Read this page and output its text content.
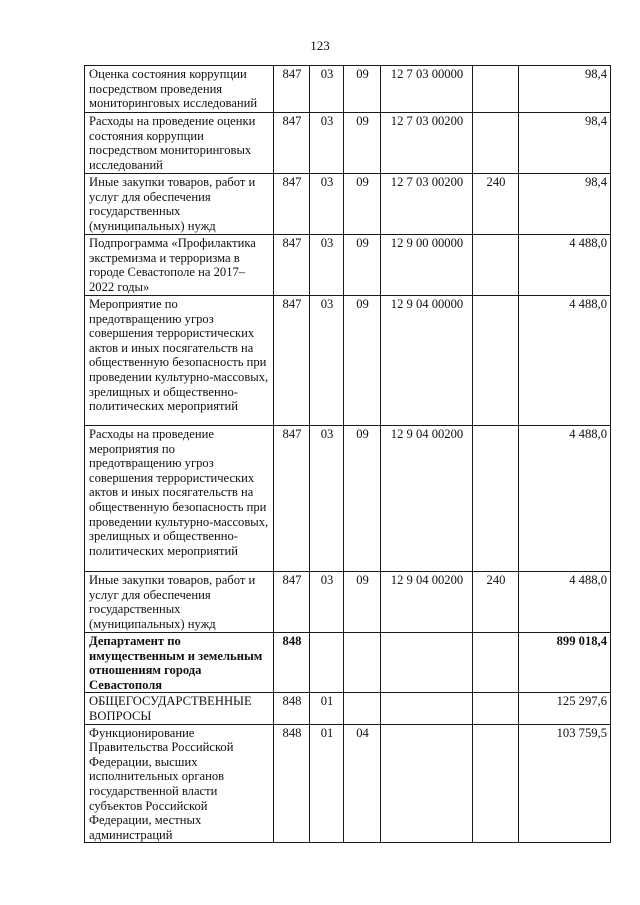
123
Оценка состояния коррупции посредством проведения мониторинговых исследований	847	03	09	12 7 03 00000		98,4
Расходы на проведение оценки состояния коррупции посредством мониторинговых исследований	847	03	09	12 7 03 00200		98,4
Иные закупки товаров, работ и услуг для обеспечения государственных (муниципальных) нужд	847	03	09	12 7 03 00200	240	98,4
Подпрограмма «Профилактика экстремизма и терроризма в городе Севастополе на 2017–2022 годы»	847	03	09	12 9 00 00000		4 488,0
Мероприятие по предотвращению угроз совершения террористических актов и иных посягательств на общественную безопасность при проведении культурно-массовых, зрелищных и общественно-политических мероприятий	847	03	09	12 9 04 00000		4 488,0
Расходы на проведение мероприятия по предотвращению угроз совершения террористических актов и иных посягательств на общественную безопасность при проведении культурно-массовых, зрелищных и общественно-политических мероприятий	847	03	09	12 9 04 00200		4 488,0
Иные закупки товаров, работ и услуг для обеспечения государственных (муниципальных) нужд	847	03	09	12 9 04 00200	240	4 488,0
Департамент по имущественным и земельным отношениям города Севастополя	848					899 018,4
ОБЩЕГОСУДАРСТВЕННЫЕ ВОПРОСЫ	848	01				125 297,6
Функционирование Правительства Российской Федерации, высших исполнительных органов государственной власти субъектов Российской Федерации, местных администраций	848	01	04			103 759,5
